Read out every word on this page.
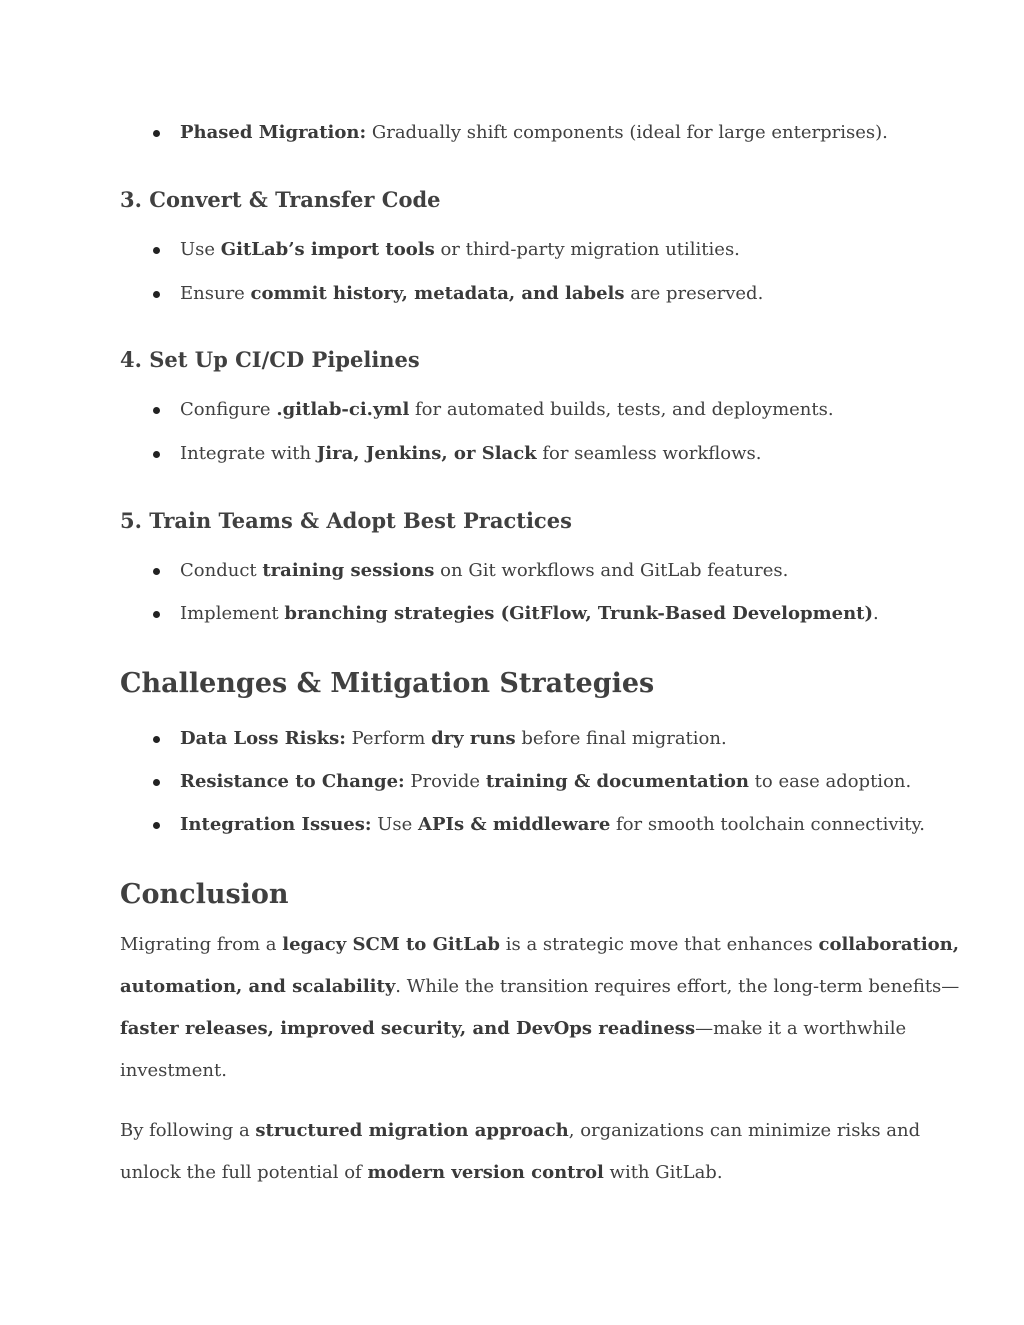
Phased Migration: Gradually shift components (ideal for large enterprises).
3. Convert & Transfer Code
Use GitLab’s import tools or third-party migration utilities.
Ensure commit history, metadata, and labels are preserved.
4. Set Up CI/CD Pipelines
Configure .gitlab-ci.yml for automated builds, tests, and deployments.
Integrate with Jira, Jenkins, or Slack for seamless workflows.
5. Train Teams & Adopt Best Practices
Conduct training sessions on Git workflows and GitLab features.
Implement branching strategies (GitFlow, Trunk-Based Development).
Challenges & Mitigation Strategies
Data Loss Risks: Perform dry runs before final migration.
Resistance to Change: Provide training & documentation to ease adoption.
Integration Issues: Use APIs & middleware for smooth toolchain connectivity.
Conclusion
Migrating from a legacy SCM to GitLab is a strategic move that enhances collaboration,
automation, and scalability. While the transition requires effort, the long-term benefits—
faster releases, improved security, and DevOps readiness—make it a worthwhile
investment.
By following a structured migration approach, organizations can minimize risks and
unlock the full potential of modern version control with GitLab.
